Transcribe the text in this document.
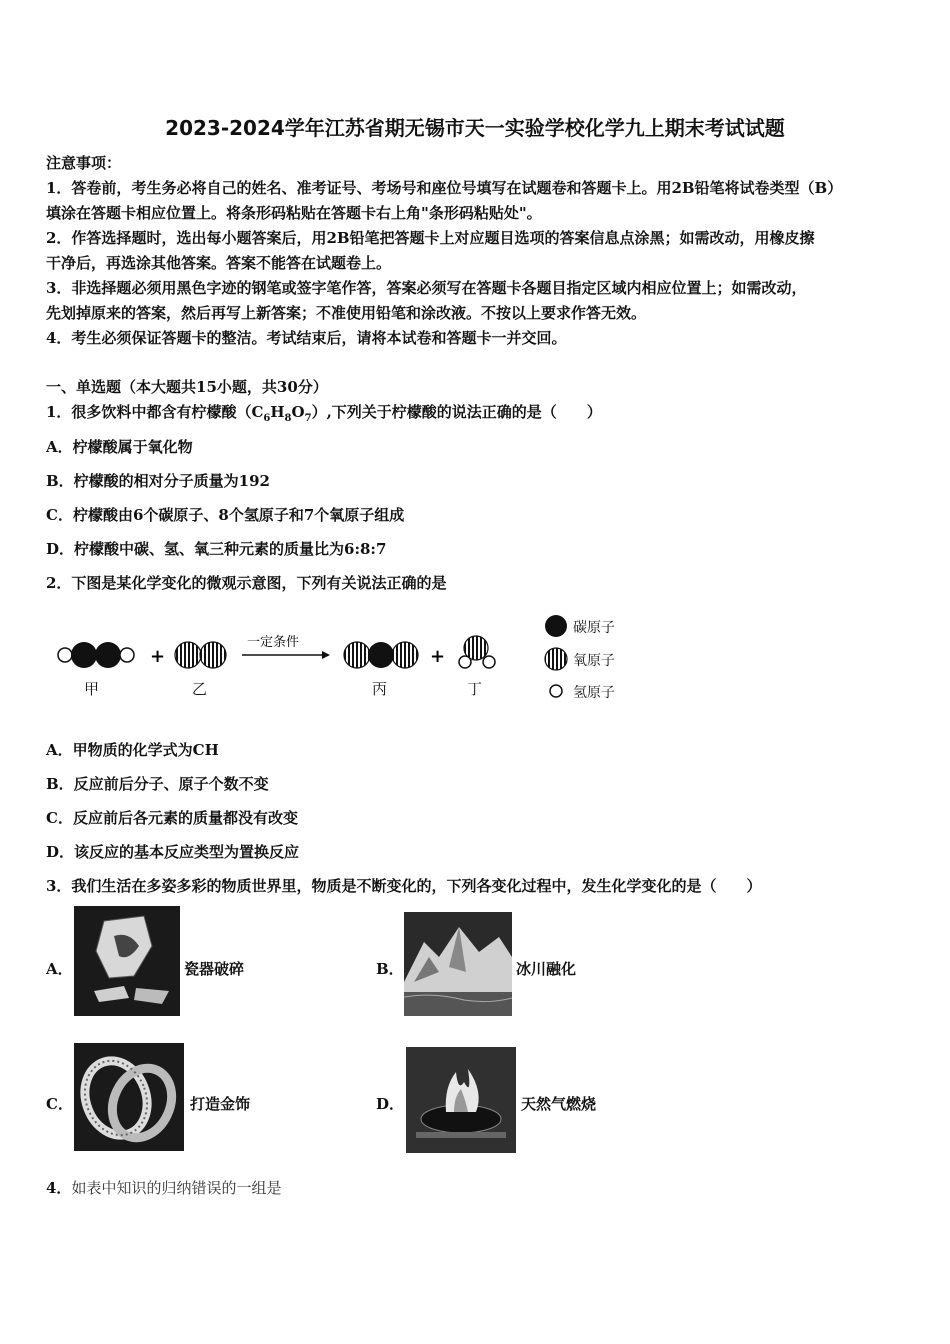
2023-2024学年江苏省期无锡市天一实验学校化学九上期末考试试题
注意事项：
1．答卷前，考生务必将自己的姓名、准考证号、考场号和座位号填写在试题卷和答题卡上。用2B铅笔将试卷类型（B）
填涂在答题卡相应位置上。将条形码粘贴在答题卡右上角"条形码粘贴处"。
2．作答选择题时，选出每小题答案后，用2B铅笔把答题卡上对应题目选项的答案信息点涂黑；如需改动，用橡皮擦
干净后，再选涂其他答案。答案不能答在试题卷上。
3．非选择题必须用黑色字迹的钢笔或签字笔作答，答案必须写在答题卡各题目指定区域内相应位置上；如需改动，
先划掉原来的答案，然后再写上新答案；不准使用铅笔和涂改液。不按以上要求作答无效。
4．考生必须保证答题卡的整洁。考试结束后，请将本试卷和答题卡一并交回。
一、单选题（本大题共15小题，共30分）
1．很多饮料中都含有柠檬酸$(C_6H_8O_7)$,下列关于柠檬酸的说法正确的是（　　）
A．柠檬酸属于氧化物
B．柠檬酸的相对分子质量为192
C．柠檬酸由6个碳原子、8个氢原子和7个氧原子组成
D．柠檬酸中碳、氢、氧三种元素的质量比为6:8:7
2．下图是某化学变化的微观示意图，下列有关说法正确的是
+
一定条件
+
甲	乙	丙	丁
碳原子
氧原子
氢原子
A．甲物质的化学式为CH
B．反应前后分子、原子个数不变
C．反应前后各元素的质量都没有改变
D．该反应的基本反应类型为置换反应
3．我们生活在多姿多彩的物质世界里，物质是不断变化的，下列各变化过程中，发生化学变化的是（　　）
A．	瓷器破碎	B．	冰川融化
C．	打造金饰	D．	天然气燃烧
4．如表中知识的归纳错误的一组是
